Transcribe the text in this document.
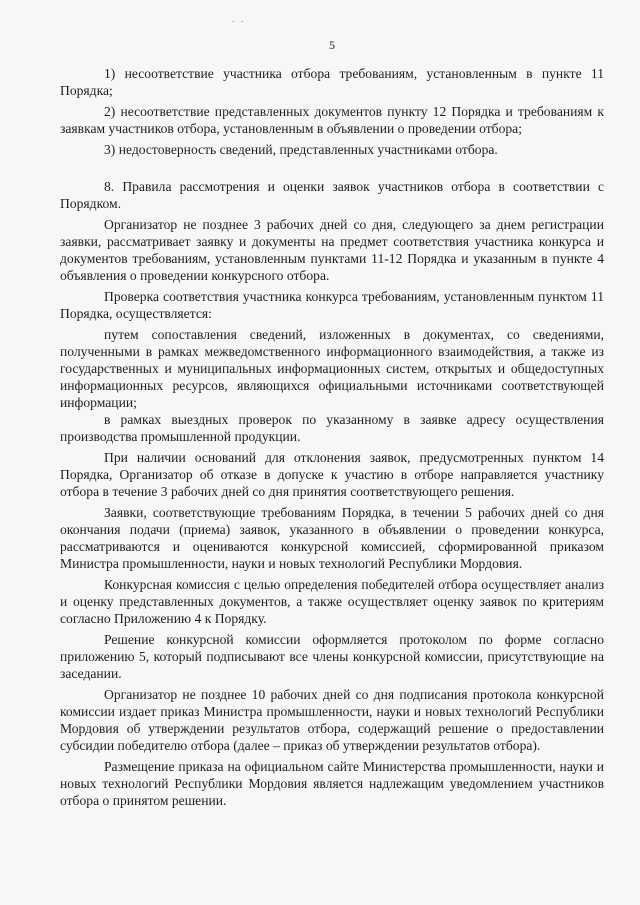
. .
5

1) несоответствие участника отбора требованиям, установленным в пункте 11 Порядка;

2) несоответствие представленных документов пункту 12 Порядка и требованиям к заявкам участников отбора, установленным в объявлении о проведении отбора;

3) недостоверность сведений, представленных участниками отбора.

8. Правила рассмотрения и оценки заявок участников отбора в соответствии с Порядком.

Организатор не позднее 3 рабочих дней со дня, следующего за днем регистрации заявки, рассматривает заявку и документы на предмет соответствия участника конкурса и документов требованиям, установленным пунктами 11-12 Порядка и указанным в пункте 4 объявления о проведении конкурсного отбора.

Проверка соответствия участника конкурса требованиям, установленным пунктом 11 Порядка, осуществляется:

путем сопоставления сведений, изложенных в документах, со сведениями, полученными в рамках межведомственного информационного взаимодействия, а также из государственных и муниципальных информационных систем, открытых и общедоступных информационных ресурсов, являющихся официальными источниками соответствующей информации;

в рамках выездных проверок по указанному в заявке адресу осуществления производства промышленной продукции.

При наличии оснований для отклонения заявок, предусмотренных пунктом 14 Порядка, Организатор об отказе в допуске к участию в отборе направляется участнику отбора в течение 3 рабочих дней со дня принятия соответствующего решения.

Заявки, соответствующие требованиям Порядка, в течении 5 рабочих дней со дня окончания подачи (приема) заявок, указанного в объявлении о проведении конкурса, рассматриваются и оцениваются конкурсной комиссией, сформированной приказом Министра промышленности, науки и новых технологий Республики Мордовия.

Конкурсная комиссия с целью определения победителей отбора осуществляет анализ и оценку представленных документов, а также осуществляет оценку заявок по критериям согласно Приложению 4 к Порядку.

Решение конкурсной комиссии оформляется протоколом по форме согласно приложению 5, который подписывают все члены конкурсной комиссии, присутствующие на заседании.

Организатор не позднее 10 рабочих дней со дня подписания протокола конкурсной комиссии издает приказ Министра промышленности, науки и новых технологий Республики Мордовия об утверждении результатов отбора, содержащий решение о предоставлении субсидии победителю отбора (далее – приказ об утверждении результатов отбора).

Размещение приказа на официальном сайте Министерства промышленности, науки и новых технологий Республики Мордовия является надлежащим уведомлением участников отбора о принятом решении.
